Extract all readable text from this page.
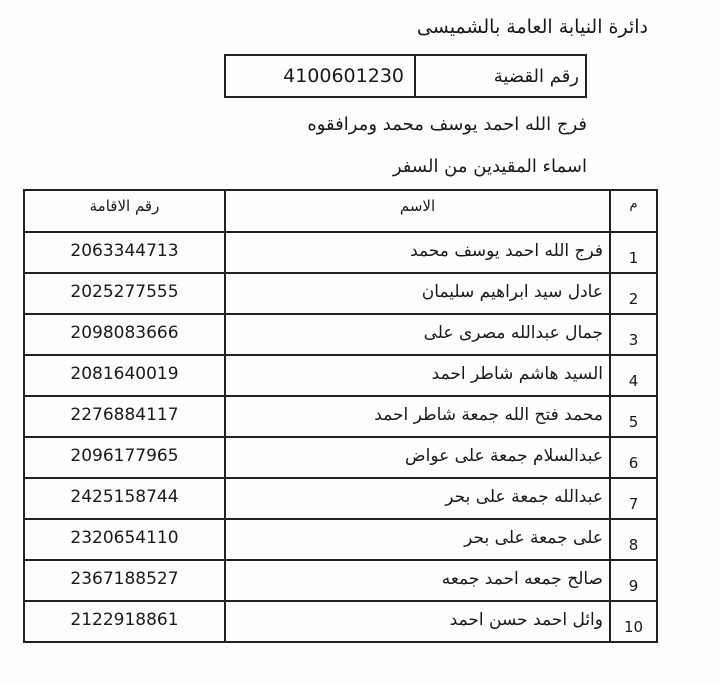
دائرة النيابة العامة بالشميسى
4100601230	رقم القضية
فرج الله احمد يوسف محمد ومرافقوه
اسماء المقيدين من السفر
رقم الاقامة	الاسم	م
2063344713	فرج الله احمد يوسف محمد	1
2025277555	عادل سيد ابراهيم سليمان	2
2098083666	جمال عبدالله مصرى على	3
2081640019	السيد هاشم شاطر احمد	4
2276884117	محمد فتح الله جمعة شاطر احمد	5
2096177965	عبدالسلام جمعة على عواض	6
2425158744	عبدالله جمعة على بحر	7
2320654110	على جمعة على بحر	8
2367188527	صالح جمعه احمد جمعه	9
2122918861	وائل احمد حسن احمد	10
